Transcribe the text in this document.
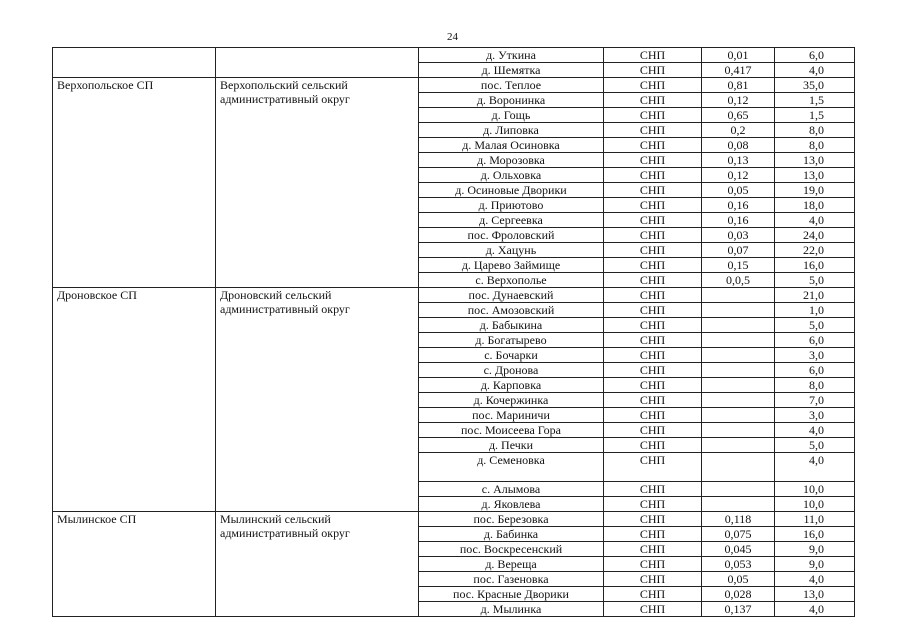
24
		д. Уткина	СНП	0,01	6,0
		д. Шемятка	СНП	0,417	4,0
Верхопольское СП	Верхопольский сельский административный округ	пос. Теплое	СНП	0,81	35,0
		д. Воронинка	СНП	0,12	1,5
		д. Гощь	СНП	0,65	1,5
		д. Липовка	СНП	0,2	8,0
		д. Малая Осиновка	СНП	0,08	8,0
		д. Морозовка	СНП	0,13	13,0
		д. Ольховка	СНП	0,12	13,0
		д. Осиновые Дворики	СНП	0,05	19,0
		д. Приютово	СНП	0,16	18,0
		д. Сергеевка	СНП	0,16	4,0
		пос. Фроловский	СНП	0,03	24,0
		д. Хацунь	СНП	0,07	22,0
		д. Царево Займище	СНП	0,15	16,0
		с. Верхополье	СНП	0,0,5	5,0
Дроновское СП	Дроновский сельский административный округ	пос. Дунаевский	СНП		21,0
		пос. Амозовский	СНП		1,0
		д. Бабыкина	СНП		5,0
		д. Богатырево	СНП		6,0
		с. Бочарки	СНП		3,0
		с. Дронова	СНП		6,0
		д. Карповка	СНП		8,0
		д. Кочержинка	СНП		7,0
		пос. Мариничи	СНП		3,0
		пос. Моисеева Гора	СНП		4,0
		д. Печки	СНП		5,0
		д. Семеновка	СНП		4,0
		с. Алымова	СНП		10,0
		д. Яковлева	СНП		10,0
Мылинское СП	Мылинский сельский административный округ	пос. Березовка	СНП	0,118	11,0
		д. Бабинка	СНП	0,075	16,0
		пос. Воскресенский	СНП	0,045	9,0
		д. Вереща	СНП	0,053	9,0
		пос. Газеновка	СНП	0,05	4,0
		пос. Красные Дворики	СНП	0,028	13,0
		д. Мылинка	СНП	0,137	4,0
